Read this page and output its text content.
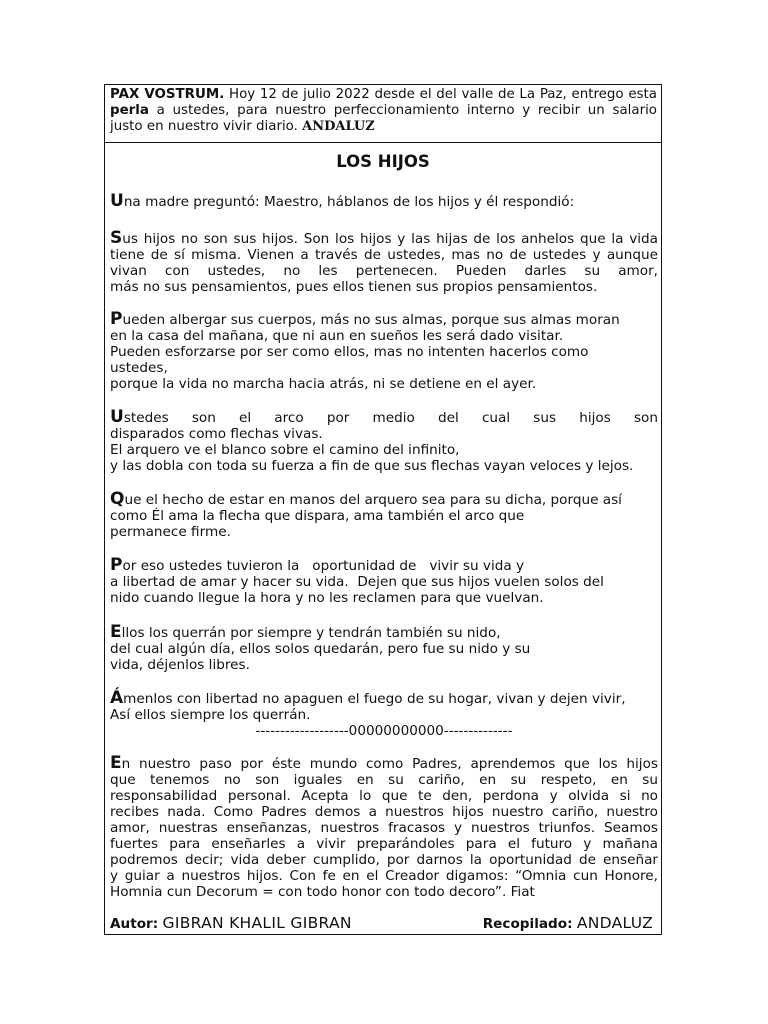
PAX VOSTRUM. Hoy 12 de julio 2022 desde el del valle de La Paz, entrego esta perla a ustedes, para nuestro perfeccionamiento interno y recibir un salario justo en nuestro vivir diario. ANDALUZ
LOS HIJOS
Una madre preguntó: Maestro, háblanos de los hijos y él respondió:
Sus hijos no son sus hijos. Son los hijos y las hijas de los anhelos que la vida
tiene de sí misma. Vienen a través de ustedes, mas no de ustedes y aunque
vivan con ustedes, no les pertenecen. Pueden darles su amor,
más no sus pensamientos, pues ellos tienen sus propios pensamientos.
Pueden albergar sus cuerpos, más no sus almas, porque sus almas moran
en la casa del mañana, que ni aun en sueños les será dado visitar.
Pueden esforzarse por ser como ellos, mas no intenten hacerlos como
ustedes,
porque la vida no marcha hacia atrás, ni se detiene en el ayer.
Ustedes son el arco por medio del cual sus hijos son
disparados como flechas vivas.
El arquero ve el blanco sobre el camino del infinito,
y las dobla con toda su fuerza a fin de que sus flechas vayan veloces y lejos.
Que el hecho de estar en manos del arquero sea para su dicha, porque así
como Él ama la flecha que dispara, ama también el arco que
permanece firme.
Por eso ustedes tuvieron la   oportunidad de   vivir su vida y
a libertad de amar y hacer su vida.  Dejen que sus hijos vuelen solos del
nido cuando llegue la hora y no les reclamen para que vuelvan.
Ellos los querrán por siempre y tendrán también su nido,
del cual algún día, ellos solos quedarán, pero fue su nido y su
vida, déjenlos libres.
Ámenlos con libertad no apaguen el fuego de su hogar, vivan y dejen vivir,
Así ellos siempre los querrán.
-------------------00000000000--------------
En nuestro paso por éste mundo como Padres, aprendemos que los hijos
que tenemos no son iguales en su cariño, en su respeto, en su
responsabilidad personal. Acepta lo que te den, perdona y olvida si no
recibes nada. Como Padres demos a nuestros hijos nuestro cariño, nuestro
amor, nuestras enseñanzas, nuestros fracasos y nuestros triunfos. Seamos
fuertes para enseñarles a vivir preparándoles para el futuro y mañana
podremos decir; vida deber cumplido, por darnos la oportunidad de enseñar
y guiar a nuestros hijos. Con fe en el Creador digamos: “Omnia cun Honore,
Homnia cun Decorum = con todo honor con todo decoro”. Fiat
Autor: GIBRAN KHALIL GIBRAN	Recopilado: ANDALUZ
